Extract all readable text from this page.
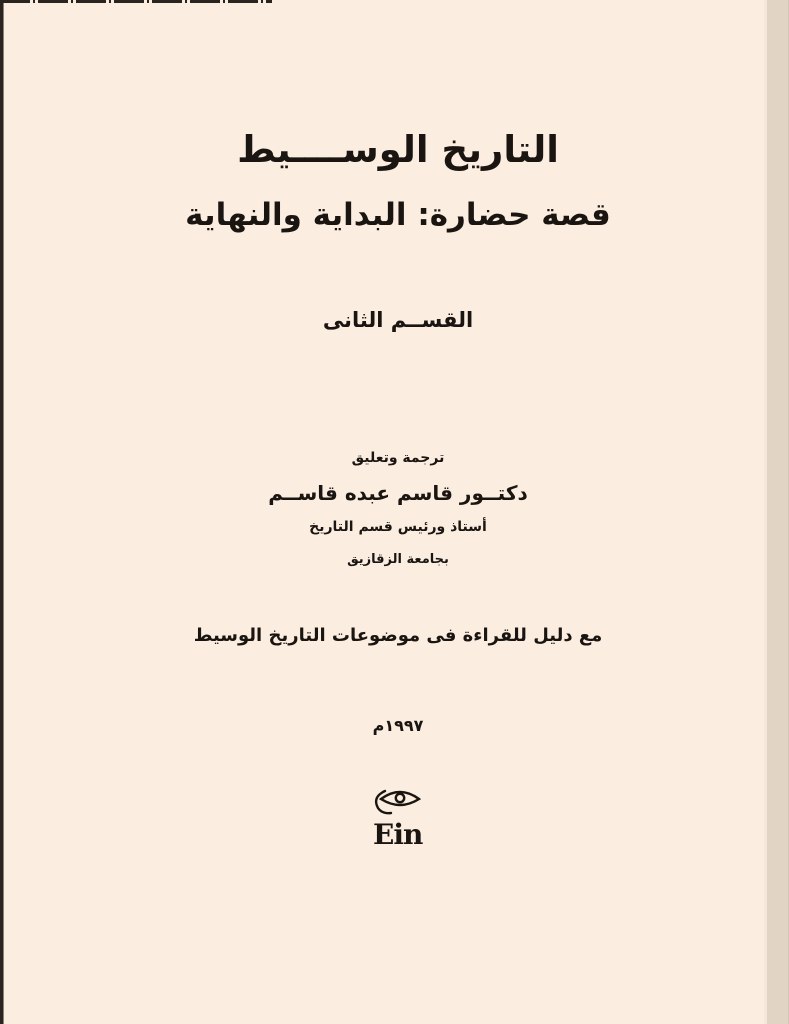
التاريخ الوســــيط
قصة حضارة: البداية والنهاية
القســم الثانى
ترجمة وتعليق
دكتــور قاسم عبده قاســم
أستاذ ورئيس قسم التاريخ
بجامعة الزقازيق
مع دليل للقراءة فى موضوعات التاريخ الوسيط
١٩٩٧م
Ein
